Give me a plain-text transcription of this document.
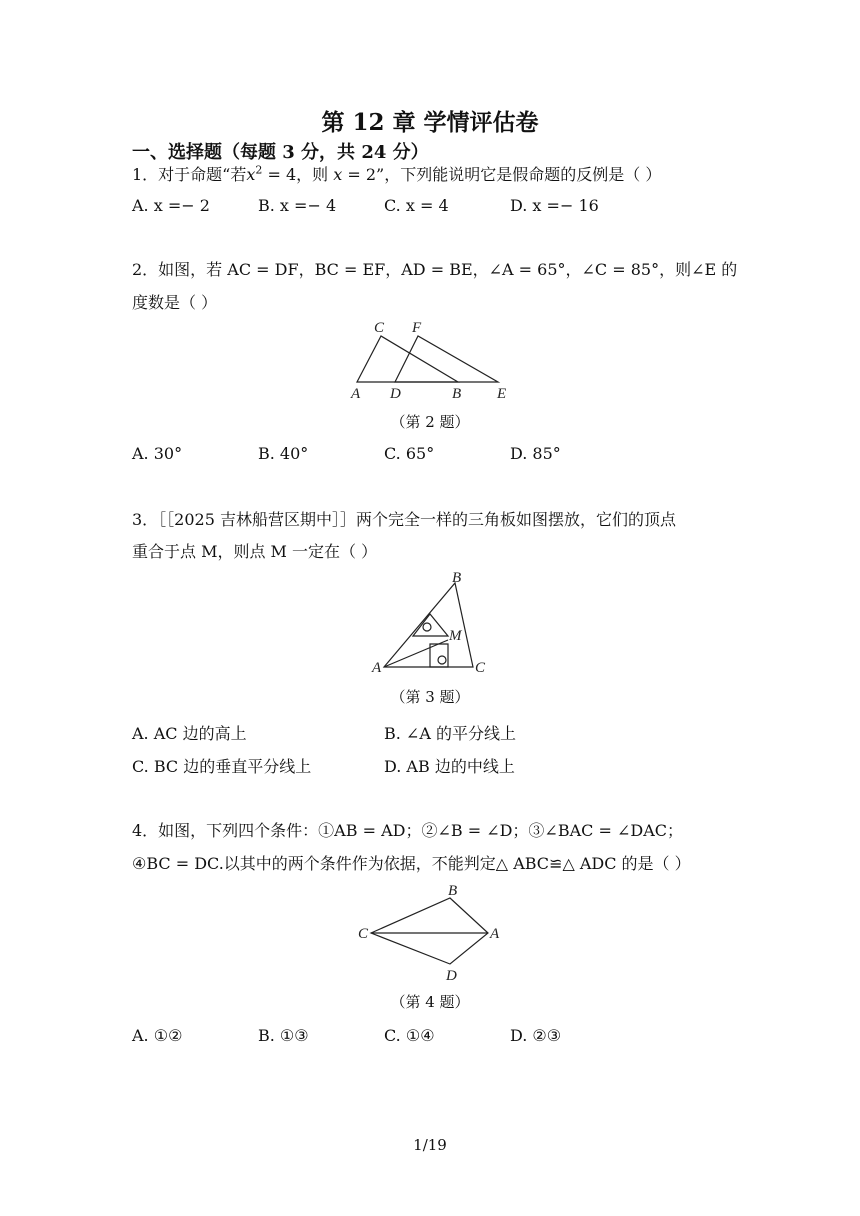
第 12 章 学情评估卷
一、选择题（每题 3 分，共 24 分）
1．对于命题“若$x^2 = 4$，则 x = 2”，下列能说明它是假命题的反例是（ ）
A. x =− 2	B. x =− 4	C. x = 4	D. x =− 16
2．如图，若 AC = DF，BC = EF，AD = BE，∠A = 65°，∠C = 85°，则∠E 的
度数是（ ）
C F
A D	B E
（第 2 题）
A. 30°	B. 40°	C. 65°	D. 85°
3．［［2025 吉林船营区期中］］两个完全一样的三角板如图摆放，它们的顶点
重合于点 M，则点 M 一定在（ ）
B
M
A	C
（第 3 题）
A. AC 边的高上	B. ∠A 的平分线上
C. BC 边的垂直平分线上	D. AB 边的中线上
4．如图，下列四个条件：①AB = AD；②∠B = ∠D；③∠BAC = ∠DAC；
④BC = DC.以其中的两个条件作为依据，不能判定△ ABC≌△ ADC 的是（ ）
B
C	A
D
（第 4 题）
A. ①②	B. ①③	C. ①④	D. ②③
1/19
